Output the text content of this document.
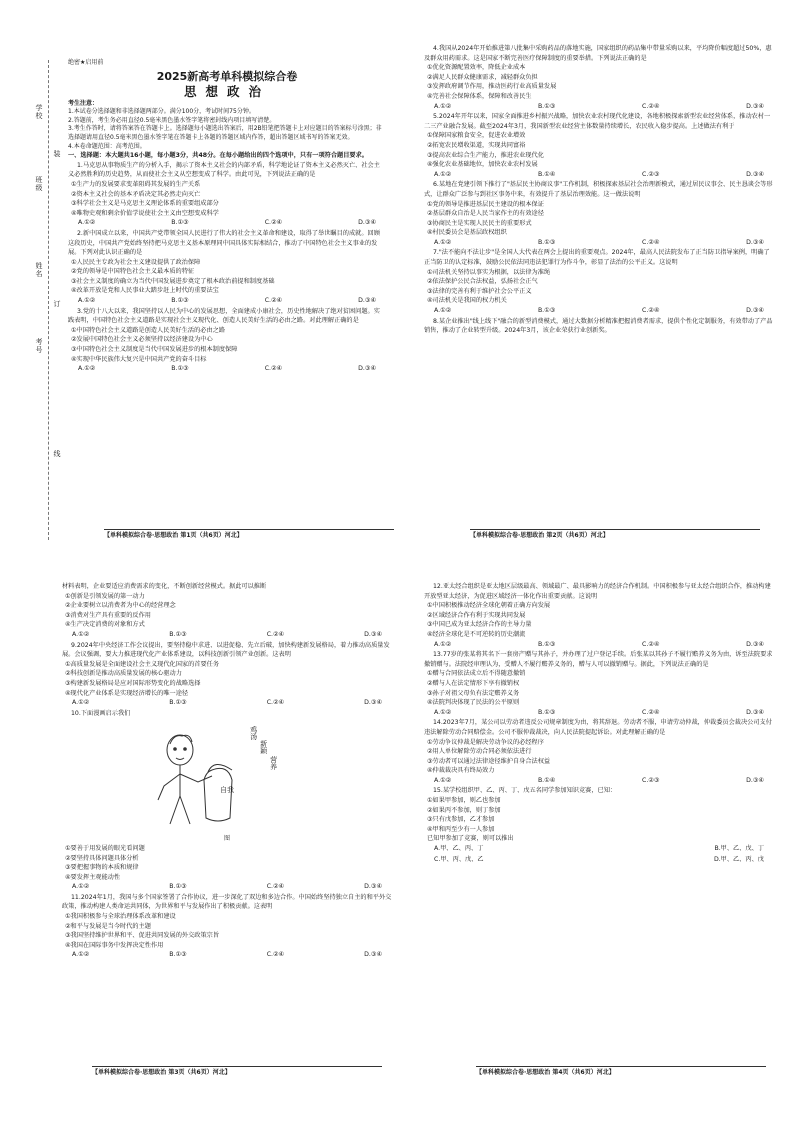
学校
班级
姓名
考号
装
订
线
绝密★启用前
2025新高考单科模拟综合卷
思想政治

考生注意：

1.本试卷分选择题和非选择题两部分。满分100分，考试时间75分钟。

2.答题前，考生务必用直径0.5毫米黑色墨水签字笔将密封线内项目填写清楚。

3.考生作答时，请将答案答在答题卡上。选择题每小题选出答案后，用2B铅笔把答题卡上对应题目的答案标号涂黑；非选择题请用直径0.5毫米黑色墨水签字笔在答题卡上各题的答题区域内作答，超出答题区域书写的答案无效。

4.本卷命题范围：高考范围。

一、选择题：本大题共16小题，每小题3分，共48分。在每小题给出的四个选项中，只有一项符合题目要求。

1.马克思从事物质生产的分析入手，揭示了资本主义社会的内部矛盾，科学地论证了资本主义必然灭亡、社会主义必然胜利的历史趋势，从而使社会主义从空想变成了科学。由此可见，下列说法正确的是

①生产力的发展要求变革阻碍其发展的生产关系

②资本主义社会的基本矛盾决定其必然走向灭亡

③科学社会主义是马克思主义理论体系的重要组成部分

④唯物史观和剩余价值学说使社会主义由空想变成科学

A.①②	B.①③	C.②④	D.③④

2.新中国成立以来，中国共产党带领全国人民进行了伟大的社会主义革命和建设，取得了举世瞩目的成就。回顾这段历史，中国共产党始终坚持把马克思主义基本原理同中国具体实际相结合，推动了中国特色社会主义事业的发展。下列对此认识正确的是

①人民民主专政为社会主义建设提供了政治保障

②党的领导是中国特色社会主义最本质的特征

③社会主义制度的确立为当代中国发展进步奠定了根本政治前提和制度基础

④改革开放是党和人民事业大踏步赶上时代的重要法宝

A.①②	B.①③	C.②④	D.③④

3.党的十八大以来，我国坚持以人民为中心的发展思想，全面建成小康社会，历史性地解决了绝对贫困问题。实践表明，中国特色社会主义道路是实现社会主义现代化、创造人民美好生活的必由之路。对此理解正确的是

①中国特色社会主义道路是创造人民美好生活的必由之路

②发展中国特色社会主义必须坚持以经济建设为中心

③中国特色社会主义制度是当代中国发展进步的根本制度保障

④实现中华民族伟大复兴是中国共产党的奋斗目标

A.①②	B.①③	C.②④	D.③④
【单科模拟综合卷·思想政治 第1页（共6页）河北】

4.我国从2024年开始推进第八批集中采购药品的落地实施，国家组织的药品集中带量采购以来，平均降价幅度超过50%，惠及群众用药需求。这是国家不断完善医疗保障制度的重要举措。下列说法正确的是

①优化资源配置效率，降低企业成本

②满足人民群众健康需求，减轻群众负担

③发挥政府调节作用，推动医药行业高质量发展

④完善社会保障体系，保障和改善民生

A.①②	B.①③	C.②④	D.③④

5.2024年开年以来，国家全面推进乡村振兴战略，加快农业农村现代化建设，各地积极探索新型农业经营体系，推动农村一二三产业融合发展。截至2024年3月，我国新型农业经营主体数量持续增长，农民收入稳步提高。上述做法有利于

①保障国家粮食安全，促进农业增效

②拓宽农民增收渠道，实现共同富裕

③提高农业综合生产能力，推进农业现代化

④强化农业基础地位，加快农业农村发展

A.①②	B.①④	C.②③	D.③④

6.某地在党建引领下推行了"基层民主协商议事"工作机制，积极探索基层社会治理新模式，通过居民议事会、民主恳谈会等形式，让群众广泛参与到社区事务中来，有效提升了基层治理效能。这一做法说明

①党的领导是推进基层民主建设的根本保证

②基层群众自治是人民当家作主的有效途径

③协商民主是实现人民民主的重要形式

④村民委员会是基层政权组织

A.①②	B.①③	C.②④	D.③④

7."法不能向不法让步"是全国人大代表在两会上提出的重要观点。2024年，最高人民法院发布了正当防卫指导案例，明确了正当防卫的认定标准，鼓励公民依法同违法犯罪行为作斗争，彰显了法治的公平正义。这说明

①司法机关坚持以事实为根据，以法律为准绳

②依法保护公民合法权益，弘扬社会正气

③法律的完善有利于维护社会公平正义

④司法机关是我国的权力机关

A.①②	B.①③	C.②④	D.③④

8.某企业推出"线上线下"融合的新型消费模式，通过大数据分析精准把握消费者需求，提供个性化定制服务，有效带动了产品销售，推动了企业转型升级。2024年3月，该企业荣获行业创新奖。

【单科模拟综合卷·思想政治 第2页（共6页）河北】

材料表明，企业要适应消费需求的变化，不断创新经营模式。据此可以推断

①创新是引领发展的第一动力

②企业要树立以消费者为中心的经营理念

③消费对生产具有重要的反作用

④生产决定消费的对象和方式

A.①②	B.①③	C.②④	D.③④

9.2024年中央经济工作会议提出，要坚持稳中求进、以进促稳、先立后破，加快构建新发展格局，着力推动高质量发展。会议强调，要大力推进现代化产业体系建设，以科技创新引领产业创新。这表明

①高质量发展是全面建设社会主义现代化国家的首要任务

②科技创新是推动高质量发展的核心驱动力

③构建新发展格局是应对国际形势变化的战略选择

④现代化产业体系是实现经济增长的唯一途径

A.①②	B.①③	C.②④	D.③④

10.下面漫画启示我们

鸡汤
新颖
自我
营养

图

①要善于用发展的眼光看问题

②要坚持具体问题具体分析

③要把握事物的本质和规律

④要发挥主观能动性

A.①②	B.①③	C.②④	D.③④

11.2024年1月，我国与多个国家签署了合作协议，进一步深化了双边和多边合作。中国始终坚持独立自主的和平外交政策，推动构建人类命运共同体，为世界和平与发展作出了积极贡献。这表明

①我国积极参与全球治理体系改革和建设

②和平与发展是当今时代的主题

③我国坚持维护世界和平、促进共同发展的外交政策宗旨

④我国在国际事务中发挥决定性作用

A.①②	B.①③	C.②④	D.③④
【单科模拟综合卷·思想政治 第3页（共6页）河北】

12.亚太经合组织是亚太地区层级最高、领域最广、最具影响力的经济合作机制。中国积极参与亚太经合组织合作，推动构建开放型亚太经济，为促进区域经济一体化作出重要贡献。这说明

①中国积极推动经济全球化朝着正确方向发展

②区域经济合作有利于实现共同发展

③中国已成为亚太经济合作的主导力量

④经济全球化是不可逆转的历史潮流

A.①②	B.①③	C.②④	D.③④

13.77岁的张某将其名下一套房产赠与其孙子，并办理了过户登记手续。后张某以其孙子不履行赡养义务为由，诉至法院要求撤销赠与。法院经审理认为，受赠人不履行赡养义务的，赠与人可以撤销赠与。据此，下列说法正确的是

①赠与合同依法成立后不得随意撤销

②赠与人在法定情形下享有撤销权

③孙子对祖父母负有法定赡养义务

④法院判决体现了民法的公平原则

A.①②	B.①③	C.②④	D.③④

14.2023年7月，某公司以劳动者违反公司规章制度为由，将其辞退。劳动者不服，申请劳动仲裁，仲裁委员会裁决公司支付违法解除劳动合同赔偿金。公司不服仲裁裁决，向人民法院提起诉讼。对此理解正确的是

①劳动争议仲裁是解决劳动争议的必经程序

②用人单位解除劳动合同必须依法进行

③劳动者可以通过法律途径维护自身合法权益

④仲裁裁决具有终局效力

A.①②	B.①④	C.②③	D.③④

15.某学校组织甲、乙、丙、丁、戊五名同学参加知识竞赛，已知：

①如果甲参加，则乙也参加

②如果丙不参加，则丁参加

③只有戊参加，乙才参加

④甲和丙至少有一人参加

已知甲参加了竞赛，则可以推出

A.甲、乙、丙、丁	B.甲、乙、戊、丁
C.甲、丙、戊、乙	D.甲、乙、丙、戊
【单科模拟综合卷·思想政治 第4页（共6页）河北】
